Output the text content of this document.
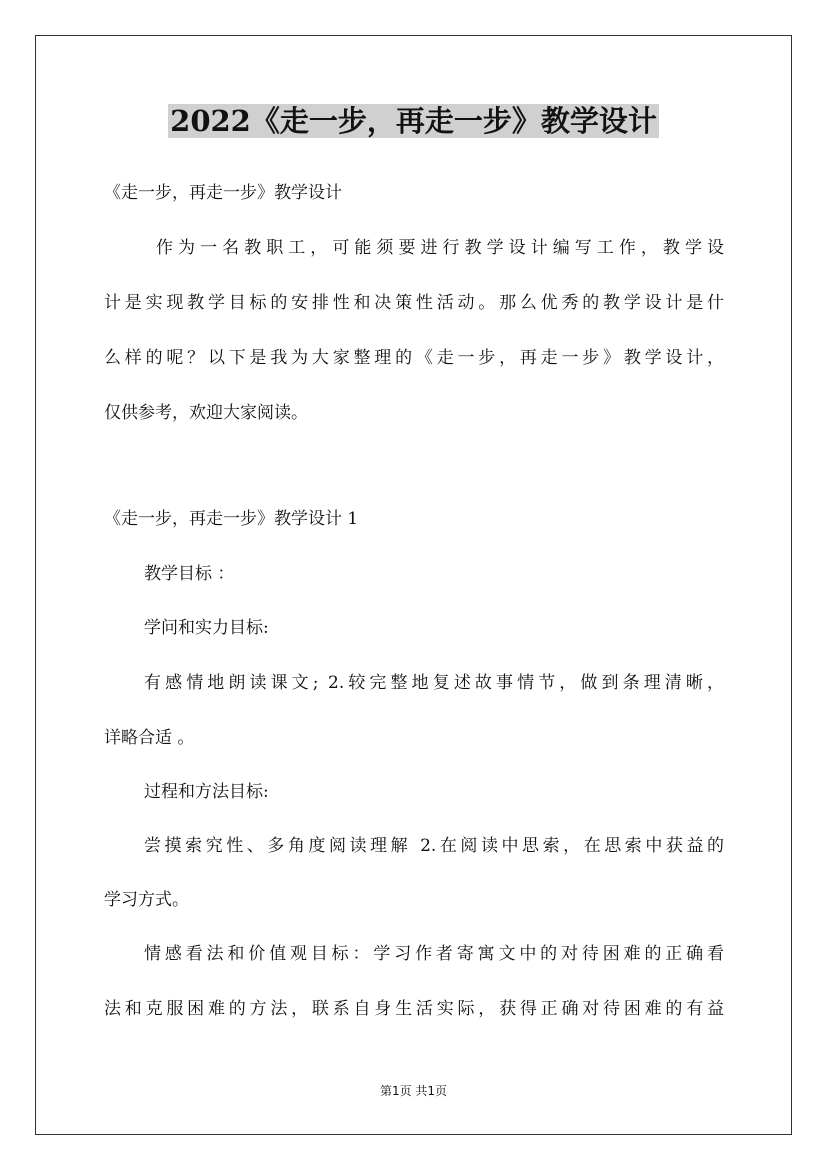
2022《走一步，再走一步》教学设计
《走一步，再走一步》教学设计
作为一名教职工，可能须要进行教学设计编写工作，教学设
计是实现教学目标的安排性和决策性活动。那么优秀的教学设计是什
么样的呢？以下是我为大家整理的《走一步，再走一步》教学设计，
仅供参考，欢迎大家阅读。
《走一步，再走一步》教学设计 1
教学目标 ：
学问和实力目标:
有感情地朗读课文; 2.较完整地复述故事情节，做到条理清晰，
详略合适 。
过程和方法目标:
尝摸索究性、多角度阅读理解 2.在阅读中思索，在思索中获益的
学习方式。
情感看法和价值观目标：学习作者寄寓文中的对待困难的正确看
法和克服困难的方法，联系自身生活实际，获得正确对待困难的有益
第1页 共1页
